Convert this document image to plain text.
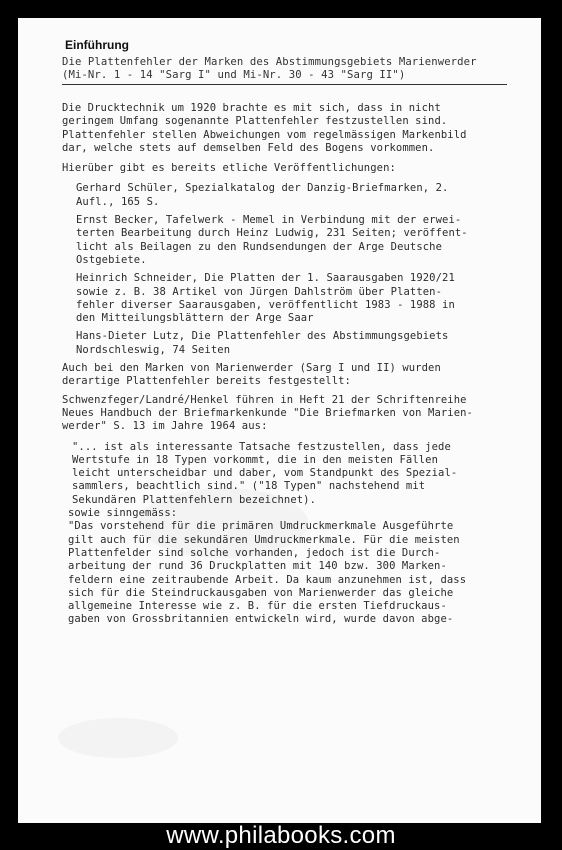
Einführung
Die Plattenfehler der Marken des Abstimmungsgebiets Marienwerder
(Mi-Nr. 1 - 14 "Sarg I" und Mi-Nr. 30 - 43 "Sarg II")
Die Drucktechnik um 1920 brachte es mit sich, dass in nicht
geringem Umfang sogenannte Plattenfehler festzustellen sind.
Plattenfehler stellen Abweichungen vom regelmässigen Markenbild
dar, welche stets auf demselben Feld des Bogens vorkommen.
Hierüber gibt es bereits etliche Veröffentlichungen:
Gerhard Schüler, Spezialkatalog der Danzig-Briefmarken, 2.
Aufl., 165 S.
Ernst Becker, Tafelwerk - Memel in Verbindung mit der erwei-
terten Bearbeitung durch Heinz Ludwig, 231 Seiten; veröffent-
licht als Beilagen zu den Rundsendungen der Arge Deutsche
Ostgebiete.
Heinrich Schneider, Die Platten der 1. Saarausgaben 1920/21
sowie z. B. 38 Artikel von Jürgen Dahlström über Platten-
fehler diverser Saarausgaben, veröffentlicht 1983 - 1988 in
den Mitteilungsblättern der Arge Saar
Hans-Dieter Lutz, Die Plattenfehler des Abstimmungsgebiets
Nordschleswig, 74 Seiten
Auch bei den Marken von Marienwerder (Sarg I und II) wurden
derartige Plattenfehler bereits festgestellt:
Schwenzfeger/Landré/Henkel führen in Heft 21 der Schriftenreihe
Neues Handbuch der Briefmarkenkunde "Die Briefmarken von Marien-
werder" S. 13 im Jahre 1964 aus:
"... ist als interessante Tatsache festzustellen, dass jede
Wertstufe in 18 Typen vorkommt, die in den meisten Fällen
leicht unterscheidbar und daber, vom Standpunkt des Spezial-
sammlers, beachtlich sind." ("18 Typen" nachstehend mit
Sekundären Plattenfehlern bezeichnet).
sowie sinngemäss:
"Das vorstehend für die primären Umdruckmerkmale Ausgeführte
gilt auch für die sekundären Umdruckmerkmale. Für die meisten
Plattenfelder sind solche vorhanden, jedoch ist die Durch-
arbeitung der rund 36 Druckplatten mit 140 bzw. 300 Marken-
feldern eine zeitraubende Arbeit. Da kaum anzunehmen ist, dass
sich für die Steindruckausgaben von Marienwerder das gleiche
allgemeine Interesse wie z. B. für die ersten Tiefdruckaus-
gaben von Grossbritannien entwickeln wird, wurde davon abge-
www.philabooks.com
